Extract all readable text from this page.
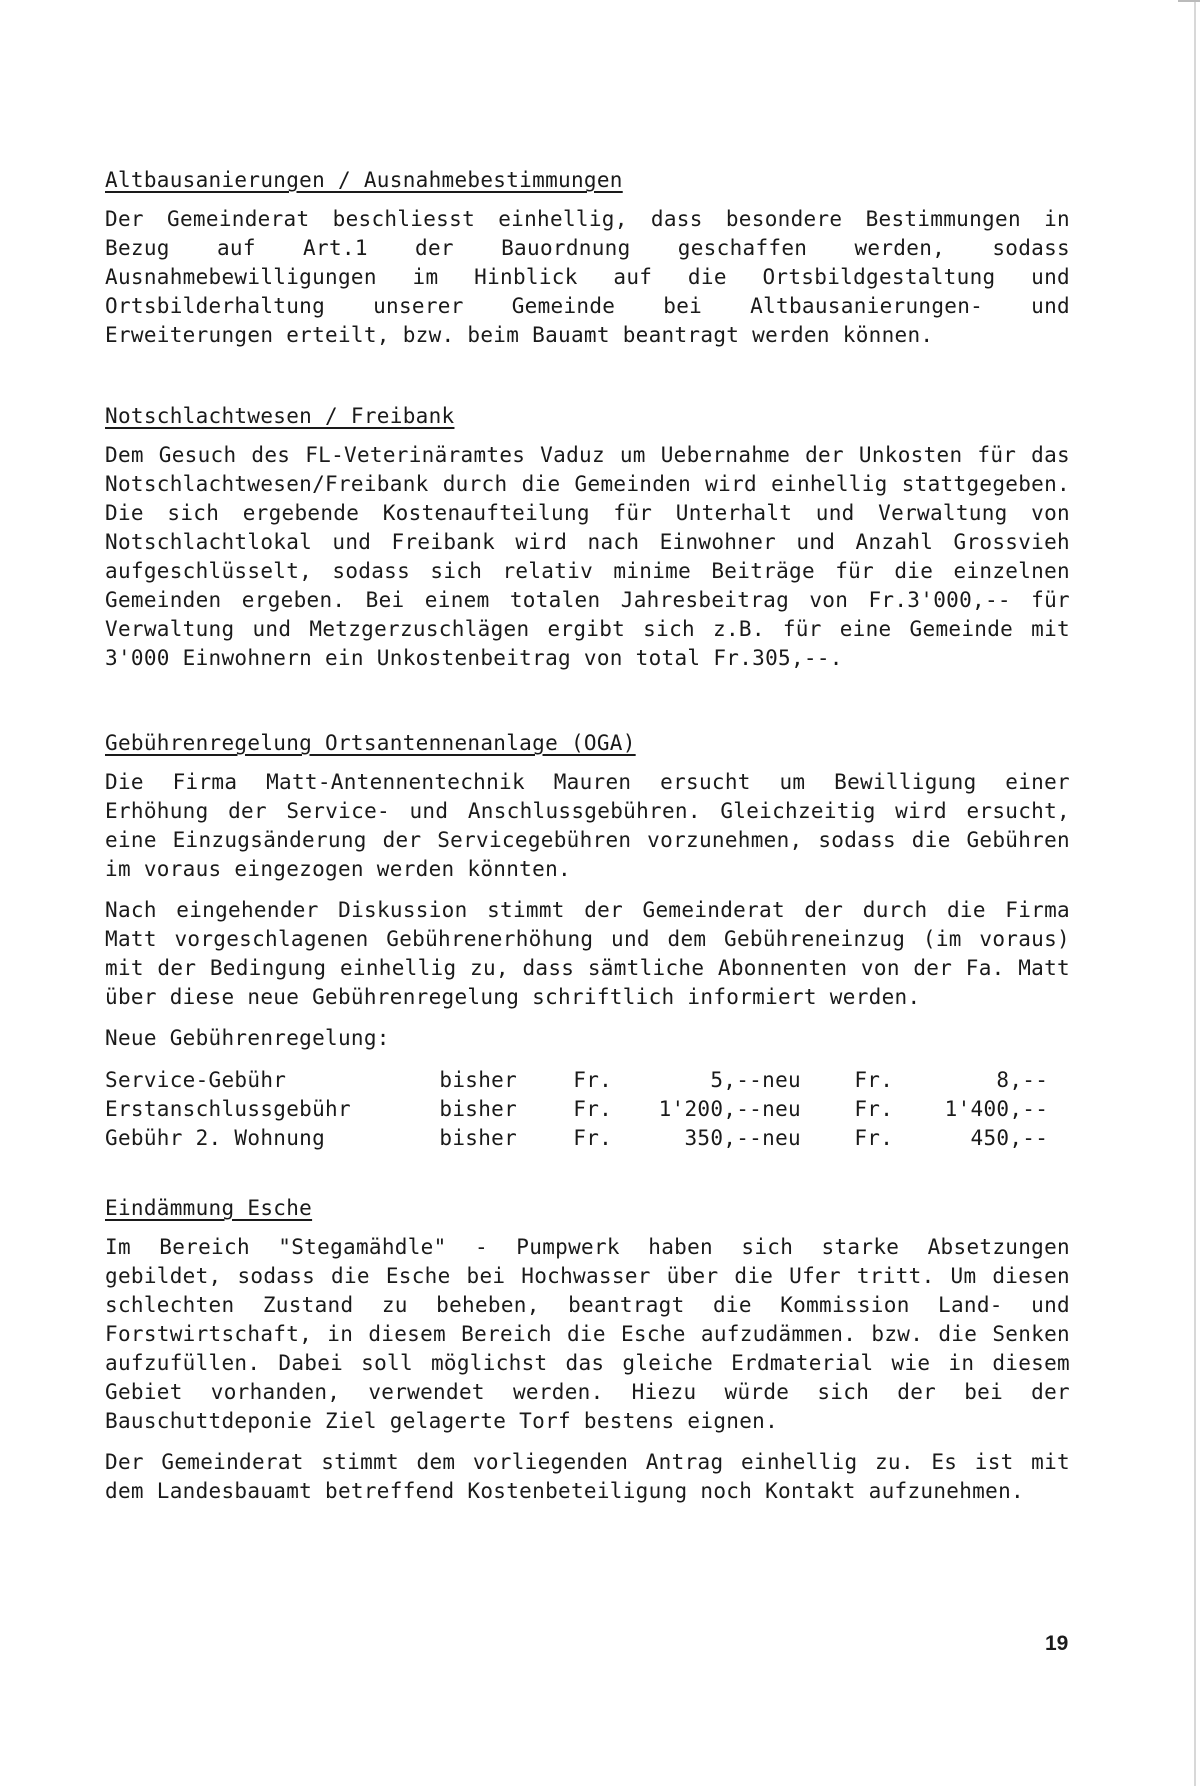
Altbausanierungen / Ausnahmebestimmungen

Der Gemeinderat beschliesst einhellig, dass besondere Bestimmungen in Bezug auf Art.1 der Bauordnung geschaffen werden, sodass Ausnahmebewilligungen im Hinblick auf die Ortsbildgestaltung und Ortsbilderhaltung unserer Gemeinde bei Altbausanierungen- und Erweiterungen erteilt, bzw. beim Bauamt beantragt werden können.

Notschlachtwesen / Freibank

Dem Gesuch des FL-Veterinäramtes Vaduz um Uebernahme der Unkosten für das Notschlachtwesen/Freibank durch die Gemeinden wird einhellig stattgegeben. Die sich ergebende Kostenaufteilung für Unterhalt und Verwaltung von Notschlachtlokal und Freibank wird nach Einwohner und Anzahl Grossvieh aufgeschlüsselt, sodass sich relativ minime Beiträge für die einzelnen Gemeinden ergeben. Bei einem totalen Jahresbeitrag von Fr.3'000,-- für Verwaltung und Metzgerzuschlägen ergibt sich z.B. für eine Gemeinde mit 3'000 Einwohnern ein Unkostenbeitrag von total Fr.305,--.

Gebührenregelung Ortsantennenanlage (OGA)

Die Firma Matt-Antennentechnik Mauren ersucht um Bewilligung einer Erhöhung der Service- und Anschlussgebühren. Gleichzeitig wird ersucht, eine Einzugsänderung der Servicegebühren vorzunehmen, sodass die Gebühren im voraus eingezogen werden könnten.

Nach eingehender Diskussion stimmt der Gemeinderat der durch die Firma Matt vorgeschlagenen Gebührenerhöhung und dem Gebühreneinzug (im voraus) mit der Bedingung einhellig zu, dass sämtliche Abonnenten von der Fa. Matt über diese neue Gebührenregelung schriftlich informiert werden.

Neue Gebührenregelung:

Service-Gebühr	bisher	Fr. 5,--	neu	Fr. 8,--
Erstanschlussgebühr	bisher	Fr. 1'200,--	neu	Fr. 1'400,--
Gebühr 2. Wohnung	bisher	Fr. 350,--	neu	Fr. 450,--
Eindämmung Esche

Im Bereich "Stegamähdle" - Pumpwerk haben sich starke Absetzungen gebildet, sodass die Esche bei Hochwasser über die Ufer tritt. Um diesen schlechten Zustand zu beheben, beantragt die Kommission Land- und Forstwirtschaft, in diesem Bereich die Esche aufzudämmen. bzw. die Senken aufzufüllen. Dabei soll möglichst das gleiche Erdmaterial wie in diesem Gebiet vorhanden, verwendet werden. Hiezu würde sich der bei der Bauschuttdeponie Ziel gelagerte Torf bestens eignen.

Der Gemeinderat stimmt dem vorliegenden Antrag einhellig zu. Es ist mit dem Landesbauamt betreffend Kostenbeteiligung noch Kontakt aufzunehmen.

19
